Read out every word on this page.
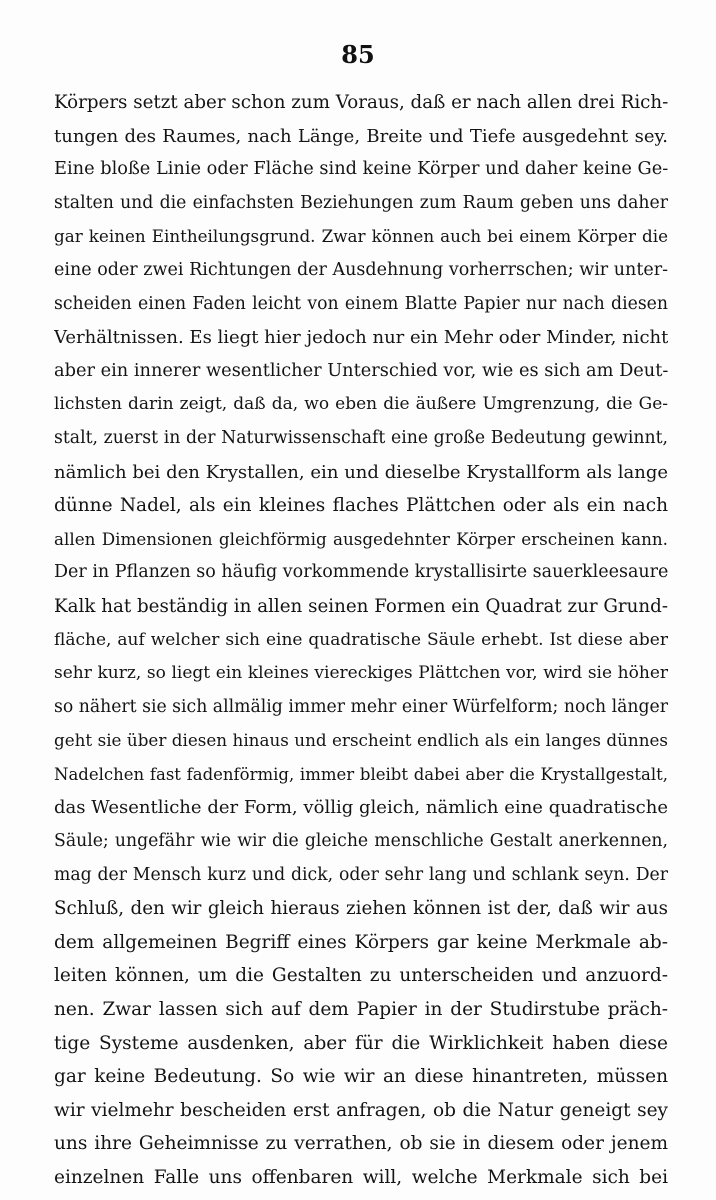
85
Körpers setzt aber schon zum Voraus, daß er nach allen drei Rich-
tungen des Raumes, nach Länge, Breite und Tiefe ausgedehnt sey.
Eine bloße Linie oder Fläche sind keine Körper und daher keine Ge-
stalten und die einfachsten Beziehungen zum Raum geben uns daher
gar keinen Eintheilungsgrund. Zwar können auch bei einem Körper die
eine oder zwei Richtungen der Ausdehnung vorherrschen; wir unter-
scheiden einen Faden leicht von einem Blatte Papier nur nach diesen
Verhältnissen. Es liegt hier jedoch nur ein Mehr oder Minder, nicht
aber ein innerer wesentlicher Unterschied vor, wie es sich am Deut-
lichsten darin zeigt, daß da, wo eben die äußere Umgrenzung, die Ge-
stalt, zuerst in der Naturwissenschaft eine große Bedeutung gewinnt,
nämlich bei den Krystallen, ein und dieselbe Krystallform als lange
dünne Nadel, als ein kleines flaches Plättchen oder als ein nach
allen Dimensionen gleichförmig ausgedehnter Körper erscheinen kann.
Der in Pflanzen so häufig vorkommende krystallisirte sauerkleesaure
Kalk hat beständig in allen seinen Formen ein Quadrat zur Grund-
fläche, auf welcher sich eine quadratische Säule erhebt. Ist diese aber
sehr kurz, so liegt ein kleines viereckiges Plättchen vor, wird sie höher
so nähert sie sich allmälig immer mehr einer Würfelform; noch länger
geht sie über diesen hinaus und erscheint endlich als ein langes dünnes
Nadelchen fast fadenförmig, immer bleibt dabei aber die Krystallgestalt,
das Wesentliche der Form, völlig gleich, nämlich eine quadratische
Säule; ungefähr wie wir die gleiche menschliche Gestalt anerkennen,
mag der Mensch kurz und dick, oder sehr lang und schlank seyn. Der
Schluß, den wir gleich hieraus ziehen können ist der, daß wir aus
dem allgemeinen Begriff eines Körpers gar keine Merkmale ab-
leiten können, um die Gestalten zu unterscheiden und anzuord-
nen. Zwar lassen sich auf dem Papier in der Studirstube präch-
tige Systeme ausdenken, aber für die Wirklichkeit haben diese
gar keine Bedeutung. So wie wir an diese hinantreten, müssen
wir vielmehr bescheiden erst anfragen, ob die Natur geneigt sey
uns ihre Geheimnisse zu verrathen, ob sie in diesem oder jenem
einzelnen Falle uns offenbaren will, welche Merkmale sich bei
